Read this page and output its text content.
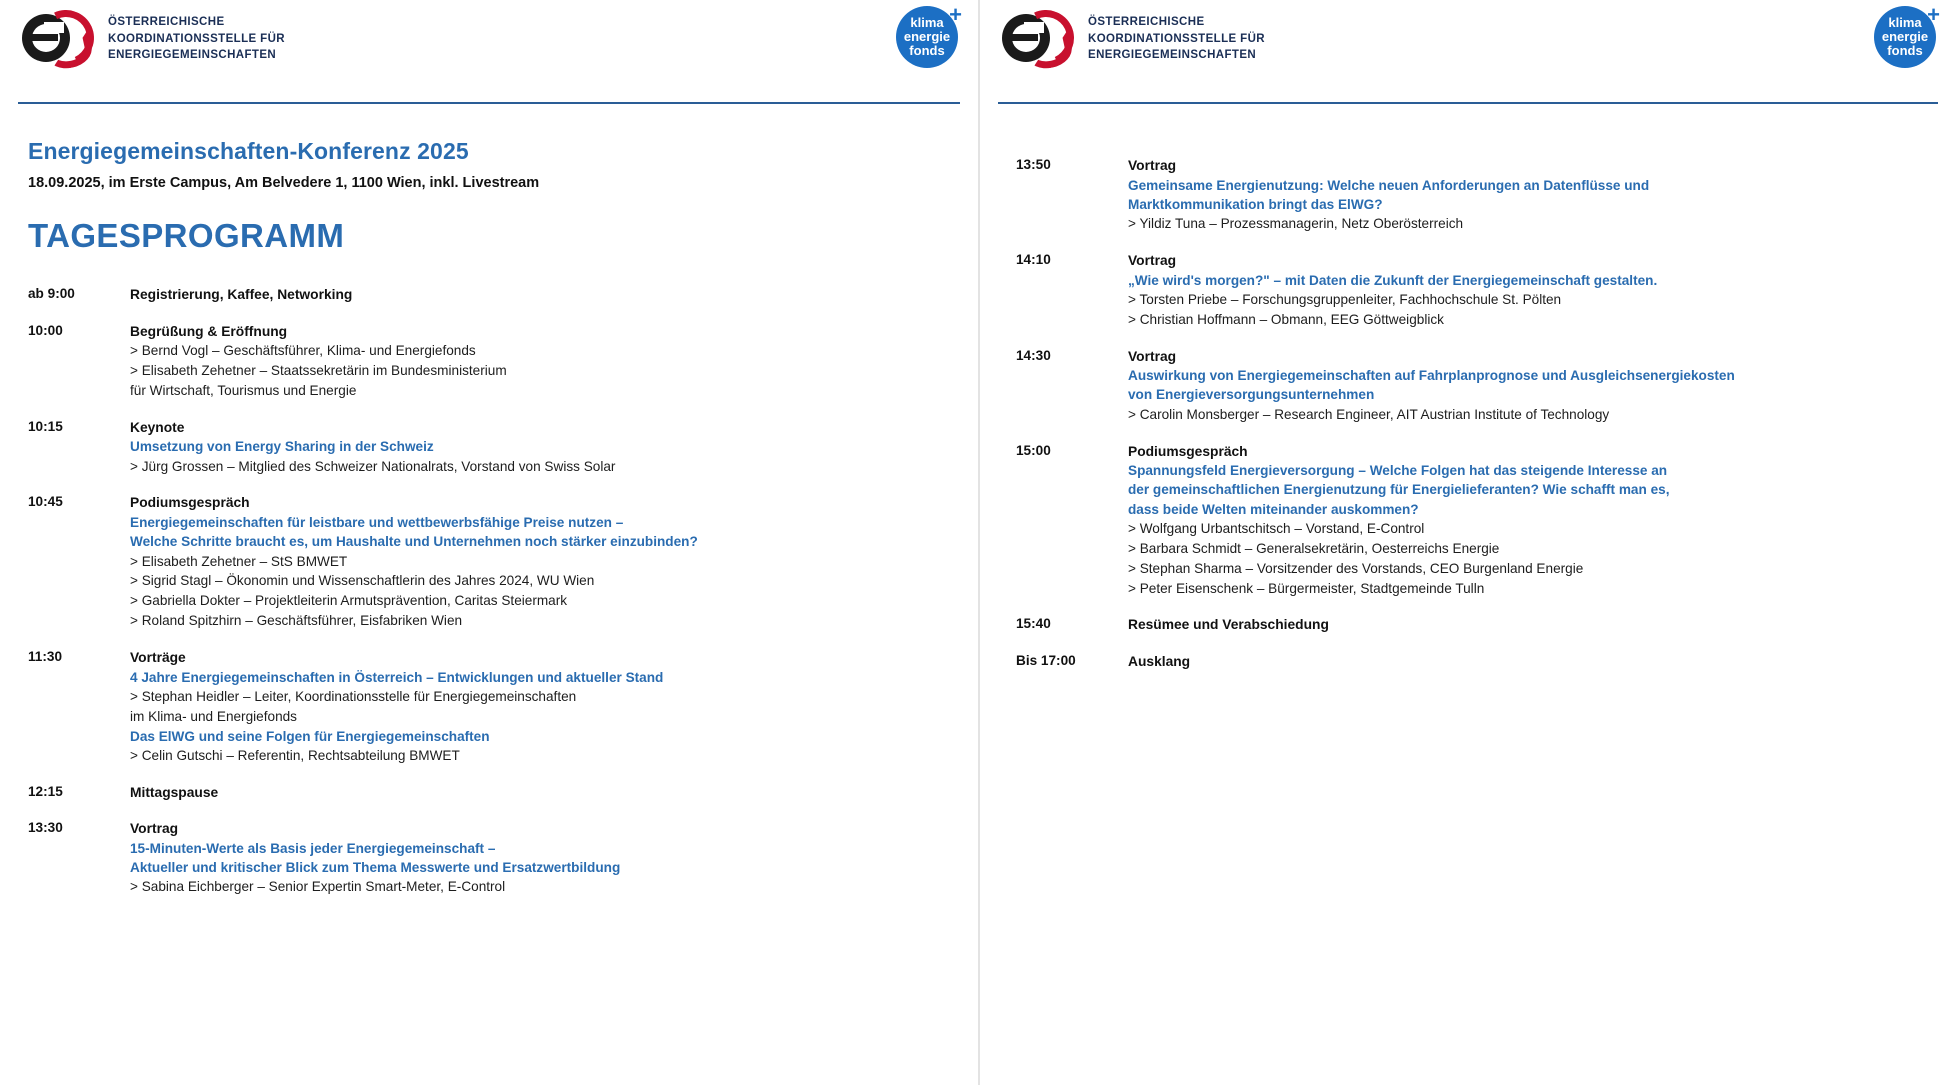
ÖSTERREICHISCHE
KOORDINATIONSSTELLE FÜR
ENERGIEGEMEINSCHAFTEN
+
klima
energie
fonds
Energiegemeinschaften-Konferenz 2025
18.09.2025, im Erste Campus, Am Belvedere 1, 1100 Wien, inkl. Livestream
TAGESPROGRAMM
ab 9:00	Registrierung, Kaffee, Networking
10:00	Begrüßung & Eröffnung
> Bernd Vogl – Geschäftsführer, Klima- und Energiefonds
> Elisabeth Zehetner – Staatssekretärin im Bundesministerium
für Wirtschaft, Tourismus und Energie
10:15	Keynote
Umsetzung von Energy Sharing in der Schweiz
> Jürg Grossen – Mitglied des Schweizer Nationalrats, Vorstand von Swiss Solar
10:45	Podiumsgespräch
Energiegemeinschaften für leistbare und wettbewerbsfähige Preise nutzen –
Welche Schritte braucht es, um Haushalte und Unternehmen noch stärker einzubinden?
> Elisabeth Zehetner – StS BMWET
> Sigrid Stagl – Ökonomin und Wissenschaftlerin des Jahres 2024, WU Wien
> Gabriella Dokter – Projektleiterin Armutsprävention, Caritas Steiermark
> Roland Spitzhirn – Geschäftsführer, Eisfabriken Wien
11:30	Vorträge
4 Jahre Energiegemeinschaften in Österreich – Entwicklungen und aktueller Stand
> Stephan Heidler – Leiter, Koordinationsstelle für Energiegemeinschaften
im Klima- und Energiefonds
Das ElWG und seine Folgen für Energiegemeinschaften
> Celin Gutschi – Referentin, Rechtsabteilung BMWET
12:15	Mittagspause
13:30	Vortrag
15-Minuten-Werte als Basis jeder Energiegemeinschaft –
Aktueller und kritischer Blick zum Thema Messwerte und Ersatzwertbildung
> Sabina Eichberger – Senior Expertin Smart-Meter, E-Control
ÖSTERREICHISCHE
KOORDINATIONSSTELLE FÜR
ENERGIEGEMEINSCHAFTEN
+
klima
energie
fonds
13:50	Vortrag
Gemeinsame Energienutzung: Welche neuen Anforderungen an Datenflüsse und
Marktkommunikation bringt das ElWG?
> Yildiz Tuna – Prozessmanagerin, Netz Oberösterreich
14:10	Vortrag
„Wie wird's morgen?" – mit Daten die Zukunft der Energiegemeinschaft gestalten.
> Torsten Priebe – Forschungsgruppenleiter, Fachhochschule St. Pölten
> Christian Hoffmann – Obmann, EEG Göttweigblick
14:30	Vortrag
Auswirkung von Energiegemeinschaften auf Fahrplanprognose und Ausgleichsenergiekosten
von Energieversorgungsunternehmen
> Carolin Monsberger – Research Engineer, AIT Austrian Institute of Technology
15:00	Podiumsgespräch
Spannungsfeld Energieversorgung – Welche Folgen hat das steigende Interesse an
der gemeinschaftlichen Energienutzung für Energielieferanten? Wie schafft man es,
dass beide Welten miteinander auskommen?
> Wolfgang Urbantschitsch – Vorstand, E-Control
> Barbara Schmidt – Generalsekretärin, Oesterreichs Energie
> Stephan Sharma – Vorsitzender des Vorstands, CEO Burgenland Energie
> Peter Eisenschenk – Bürgermeister, Stadtgemeinde Tulln
15:40	Resümee und Verabschiedung
Bis 17:00	Ausklang
